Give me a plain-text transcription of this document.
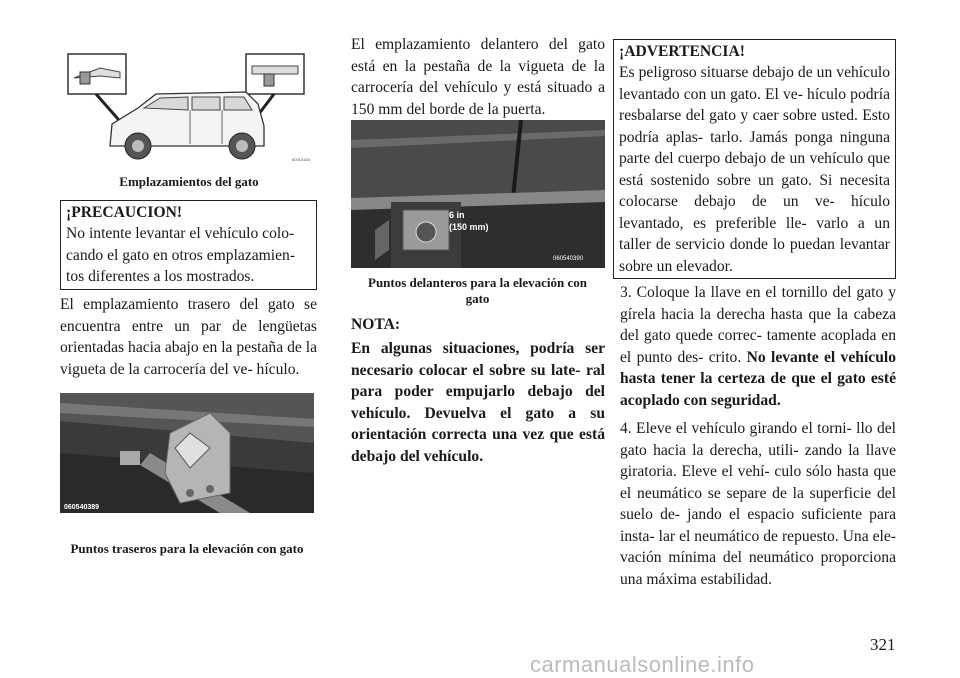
80515165
Emplazamientos del gato
¡PRECAUCION!

No intente levantar el vehículo colo- cando el gato en otros emplazamien- tos diferentes a los mostrados.

El emplazamiento trasero del gato se encuentra entre un par de lengüetas orientadas hacia abajo en la pestaña de la vigueta de la carrocería del ve- hículo.

060540389
Puntos traseros para la elevación con gato

El emplazamiento delantero del gato está en la pestaña de la vigueta de la carrocería del vehículo y está situado a 150 mm del borde de la puerta.

6 in
(150 mm)
060540390
Puntos delanteros para la elevación con gato
NOTA:

En algunas situaciones, podría ser necesario colocar el sobre su late- ral para poder empujarlo debajo del vehículo. Devuelva el gato a su orientación correcta una vez que está debajo del vehículo.

¡ADVERTENCIA!

Es peligroso situarse debajo de un vehículo levantado con un gato. El ve- hículo podría resbalarse del gato y caer sobre usted. Esto podría aplas- tarlo. Jamás ponga ninguna parte del cuerpo debajo de un vehículo que está sostenido sobre un gato. Si necesita colocarse debajo de un ve- hículo levantado, es preferible lle- varlo a un taller de servicio donde lo puedan levantar sobre un elevador.

3. Coloque la llave en el tornillo del gato y gírela hacia la derecha hasta que la cabeza del gato quede correc- tamente acoplada en el punto des- crito. No levante el vehículo hasta tener la certeza de que el gato esté acoplado con seguridad.

4. Eleve el vehículo girando el torni- llo del gato hacia la derecha, utili- zando la llave giratoria. Eleve el vehí- culo sólo hasta que el neumático se separe de la superficie del suelo de- jando el espacio suficiente para insta- lar el neumático de repuesto. Una ele- vación mínima del neumático proporciona una máxima estabilidad.

321
carmanualsonline.info
